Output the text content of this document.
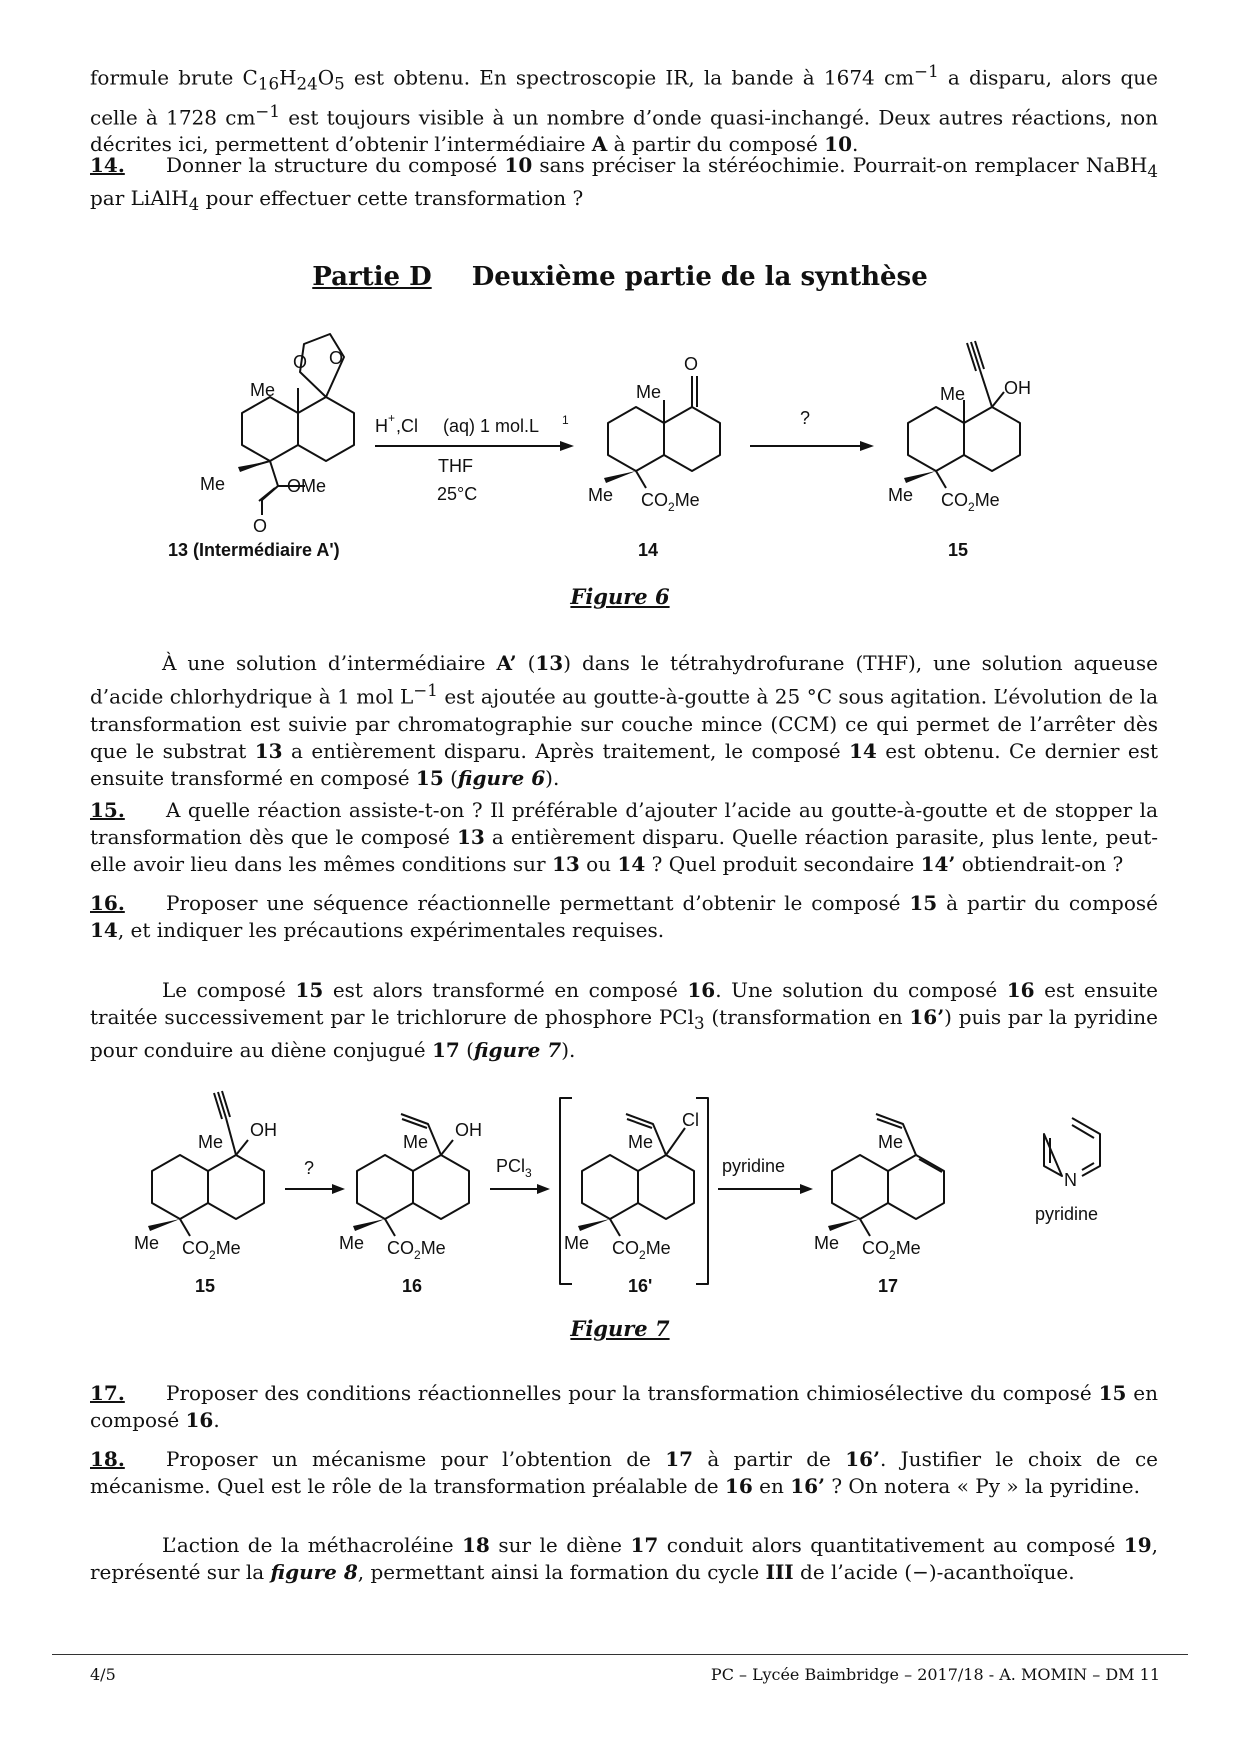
formule brute $C_{16}H_{24}O_5$ est obtenu. En spectroscopie IR, la bande à 1674 $cm^{-1}$ a disparu, alors que celle à 1728 $cm^{-1}$ est toujours visible à un nombre d’onde quasi-inchangé. Deux autres réactions, non décrites ici, permettent d’obtenir l’intermédiaire A à partir du composé 10.
14. Donner la structure du composé 10 sans préciser la stéréochimie. Pourrait-on remplacer NaBH$_4$ par LiAlH$_4$ pour effectuer cette transformation ?
Partie D Deuxième partie de la synthèse
Me
O O
Me	OMe
O
13 (Intermédiaire A')
H + ,Cl (aq) 1 mol.L 1
THF
25°C
Me
O
Me $CO_2Me$
14
?
Me OH
Me $CO_2Me$
15
Figure 6
À une solution d’intermédiaire A’ (13) dans le tétrahydrofurane (THF), une solution aqueuse d’acide chlorhydrique à 1 mol $L^{-1}$ est ajoutée au goutte-à-goutte à 25 °C sous agitation. L’évolution de la transformation est suivie par chromatographie sur couche mince (CCM) ce qui permet de l’arrêter dès que le substrat 13 a entièrement disparu. Après traitement, le composé 14 est obtenu. Ce dernier est ensuite transformé en composé 15 (figure 6).
15. A quelle réaction assiste-t-on ? Il préférable d’ajouter l’acide au goutte-à-goutte et de stopper la transformation dès que le composé 13 a entièrement disparu. Quelle réaction parasite, plus lente, peut-elle avoir lieu dans les mêmes conditions sur 13 ou 14 ? Quel produit secondaire 14’ obtiendrait-on ?
16. Proposer une séquence réactionnelle permettant d’obtenir le composé 15 à partir du composé 14, et indiquer les précautions expérimentales requises.
Le composé 15 est alors transformé en composé 16. Une solution du composé 16 est ensuite traitée successivement par le trichlorure de phosphore PCl$_3$ (transformation en 16’) puis par la pyridine pour conduire au diène conjugué 17 (figure 7).
Me
OH
Me $CO_2Me$
15
?
Me
OH
Me $CO_2Me$
16
PCl$_3$
Me
Cl
Me $CO_2Me$
16'
pyridine
Me
Me $CO_2Me$
17
N
pyridine
Figure 7
17. Proposer des conditions réactionnelles pour la transformation chimiosélective du composé 15 en composé 16.
18. Proposer un mécanisme pour l’obtention de 17 à partir de 16’. Justifier le choix de ce mécanisme. Quel est le rôle de la transformation préalable de 16 en 16’ ? On notera « Py » la pyridine.
L’action de la méthacroléine 18 sur le diène 17 conduit alors quantitativement au composé 19, représenté sur la figure 8, permettant ainsi la formation du cycle III de l’acide (−)-acanthoïque.
4/5	PC – Lycée Baimbridge – 2017/18 - A. MOMIN – DM 11
